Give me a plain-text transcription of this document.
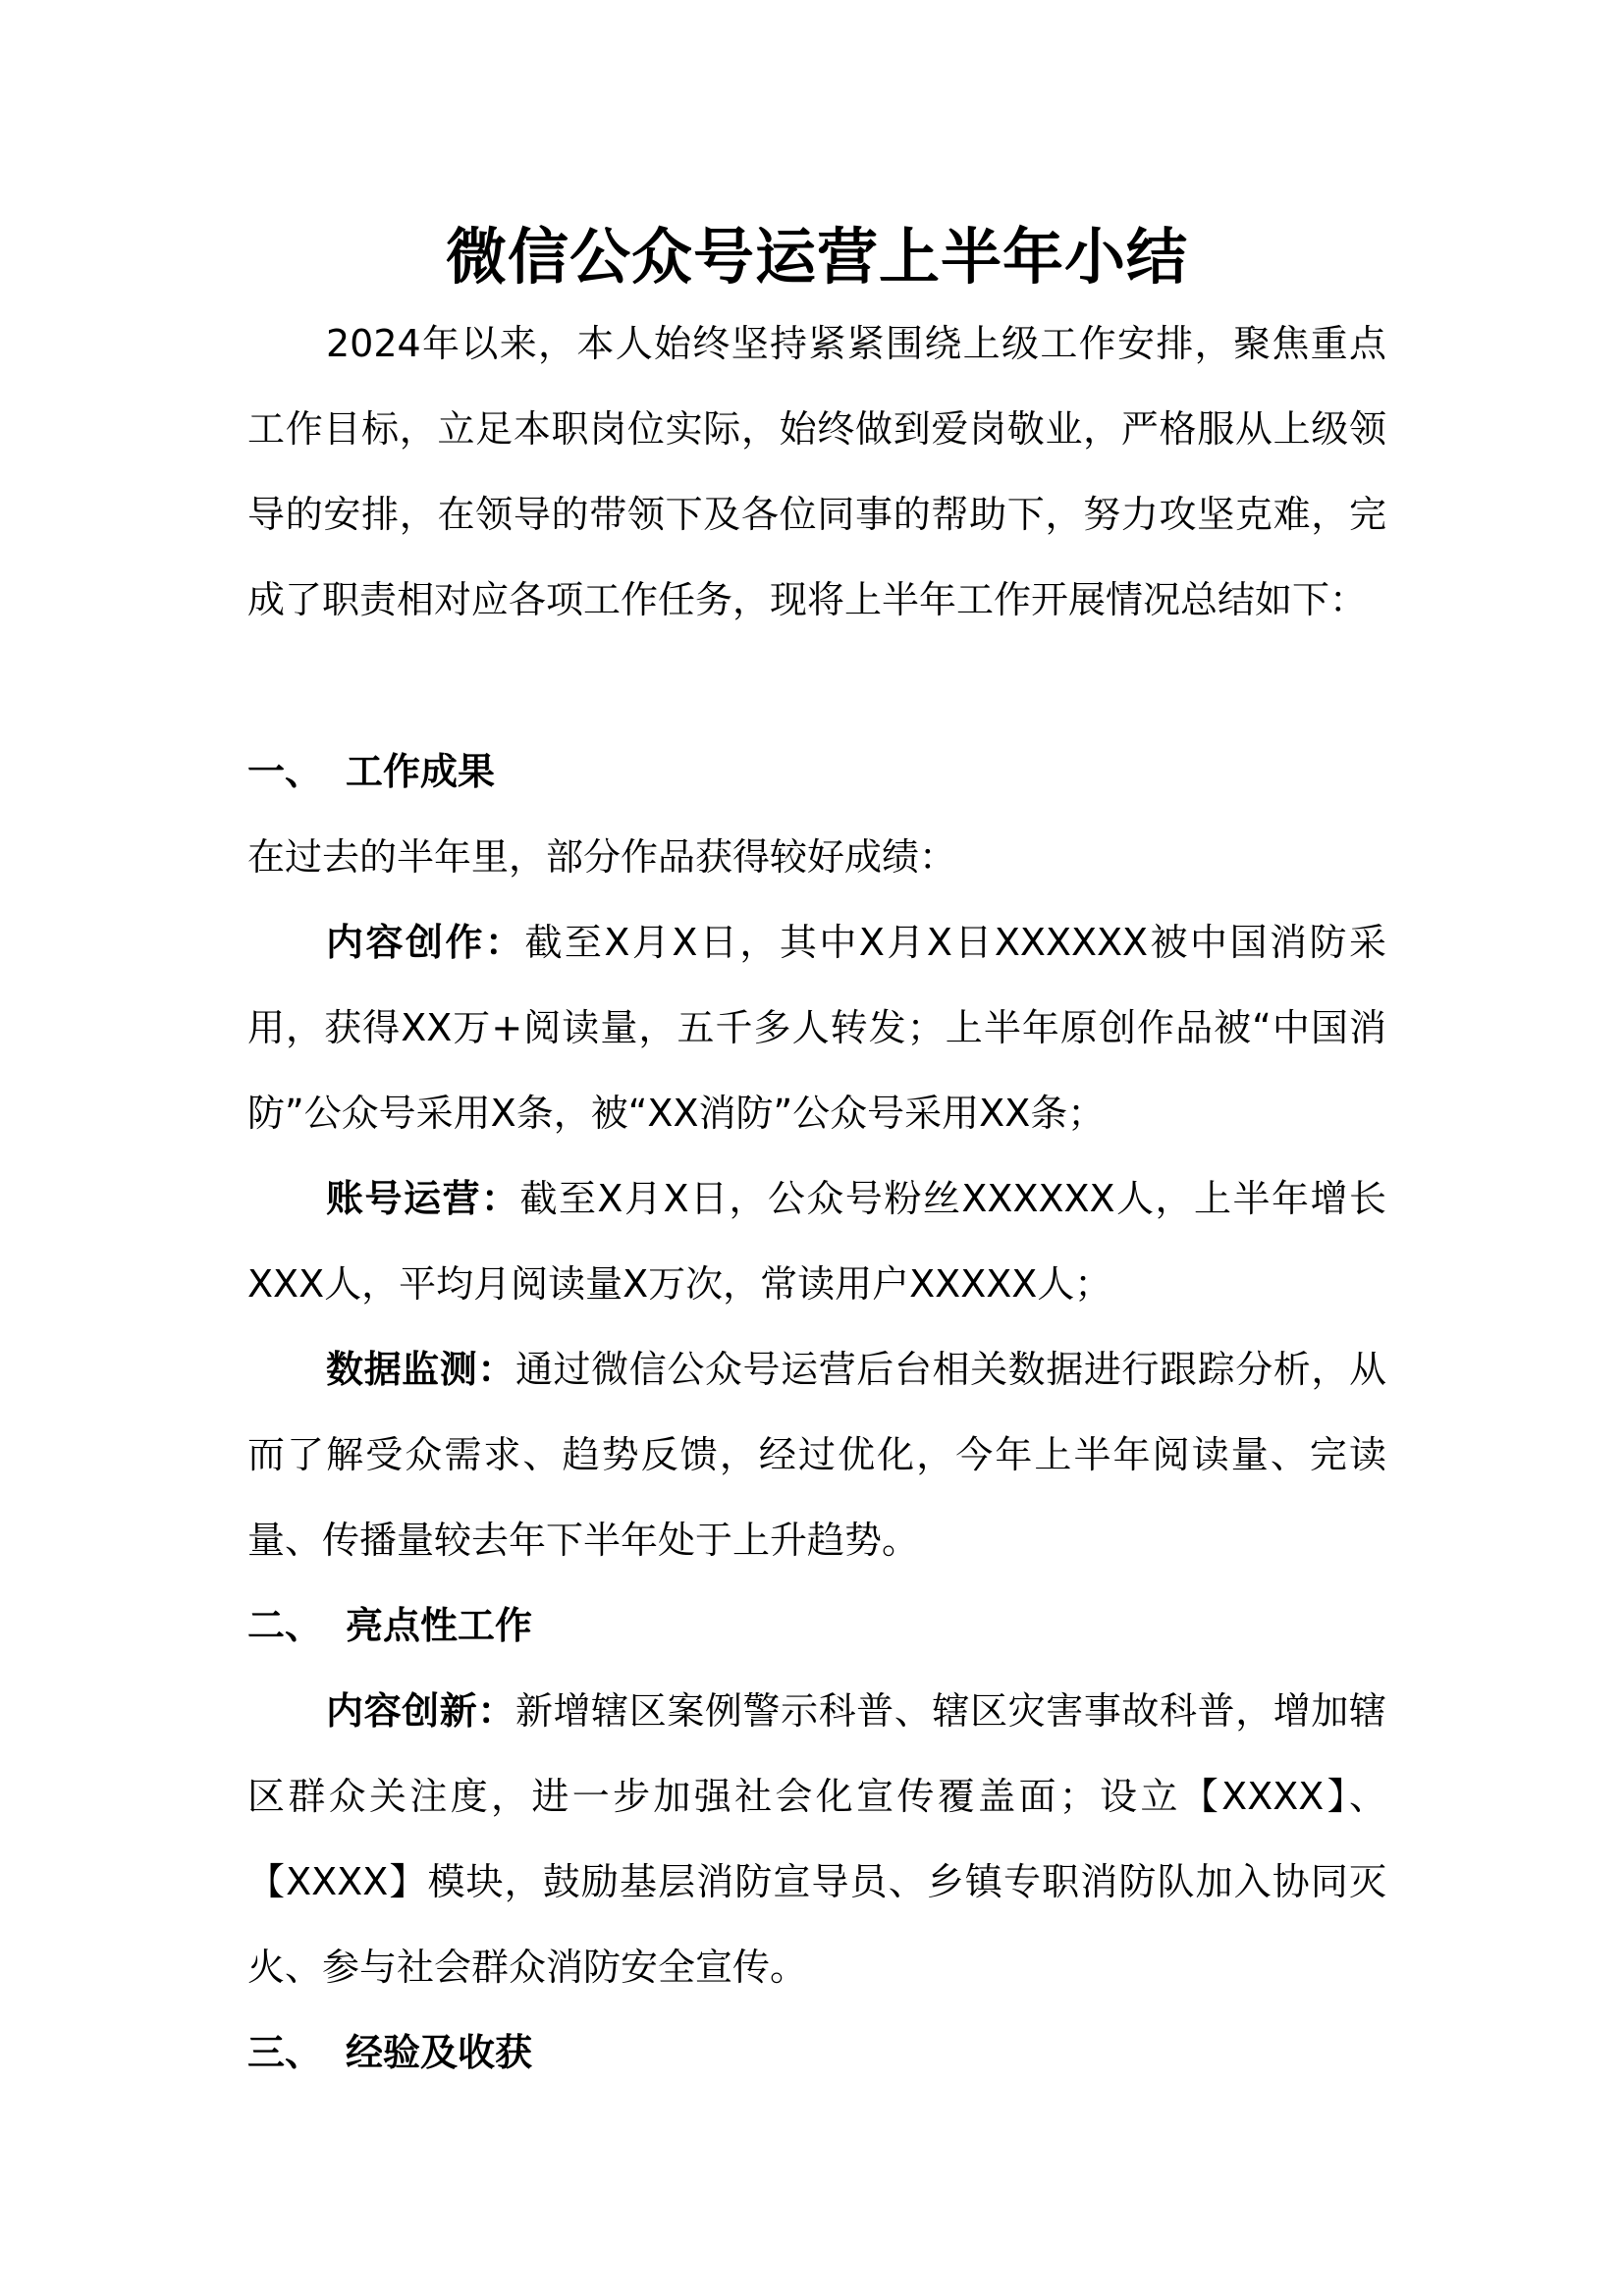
微信公众号运营上半年小结
2024年以来，本人始终坚持紧紧围绕上级工作安排，聚焦重点工作目标，立足本职岗位实际，始终做到爱岗敬业，严格服从上级领导的安排，在领导的带领下及各位同事的帮助下，努力攻坚克难，完成了职责相对应各项工作任务，现将上半年工作开展情况总结如下：
一、 工作成果
在过去的半年里，部分作品获得较好成绩：
内容创作：截至X月X日，其中X月X日XXXXXX被中国消防采用，获得XX万+阅读量，五千多人转发；上半年原创作品被“中国消防”公众号采用X条，被“XX消防”公众号采用XX条；
账号运营：截至X月X日，公众号粉丝XXXXXX人，上半年增长XXX人，平均月阅读量X万次，常读用户XXXXX人；
数据监测：通过微信公众号运营后台相关数据进行跟踪分析，从而了解受众需求、趋势反馈，经过优化，今年上半年阅读量、完读量、传播量较去年下半年处于上升趋势。
二、 亮点性工作
内容创新：新增辖区案例警示科普、辖区灾害事故科普，增加辖区群众关注度，进一步加强社会化宣传覆盖面；设立【XXXX】、【XXXX】模块，鼓励基层消防宣导员、乡镇专职消防队加入协同灭火、参与社会群众消防安全宣传。
三、 经验及收获
